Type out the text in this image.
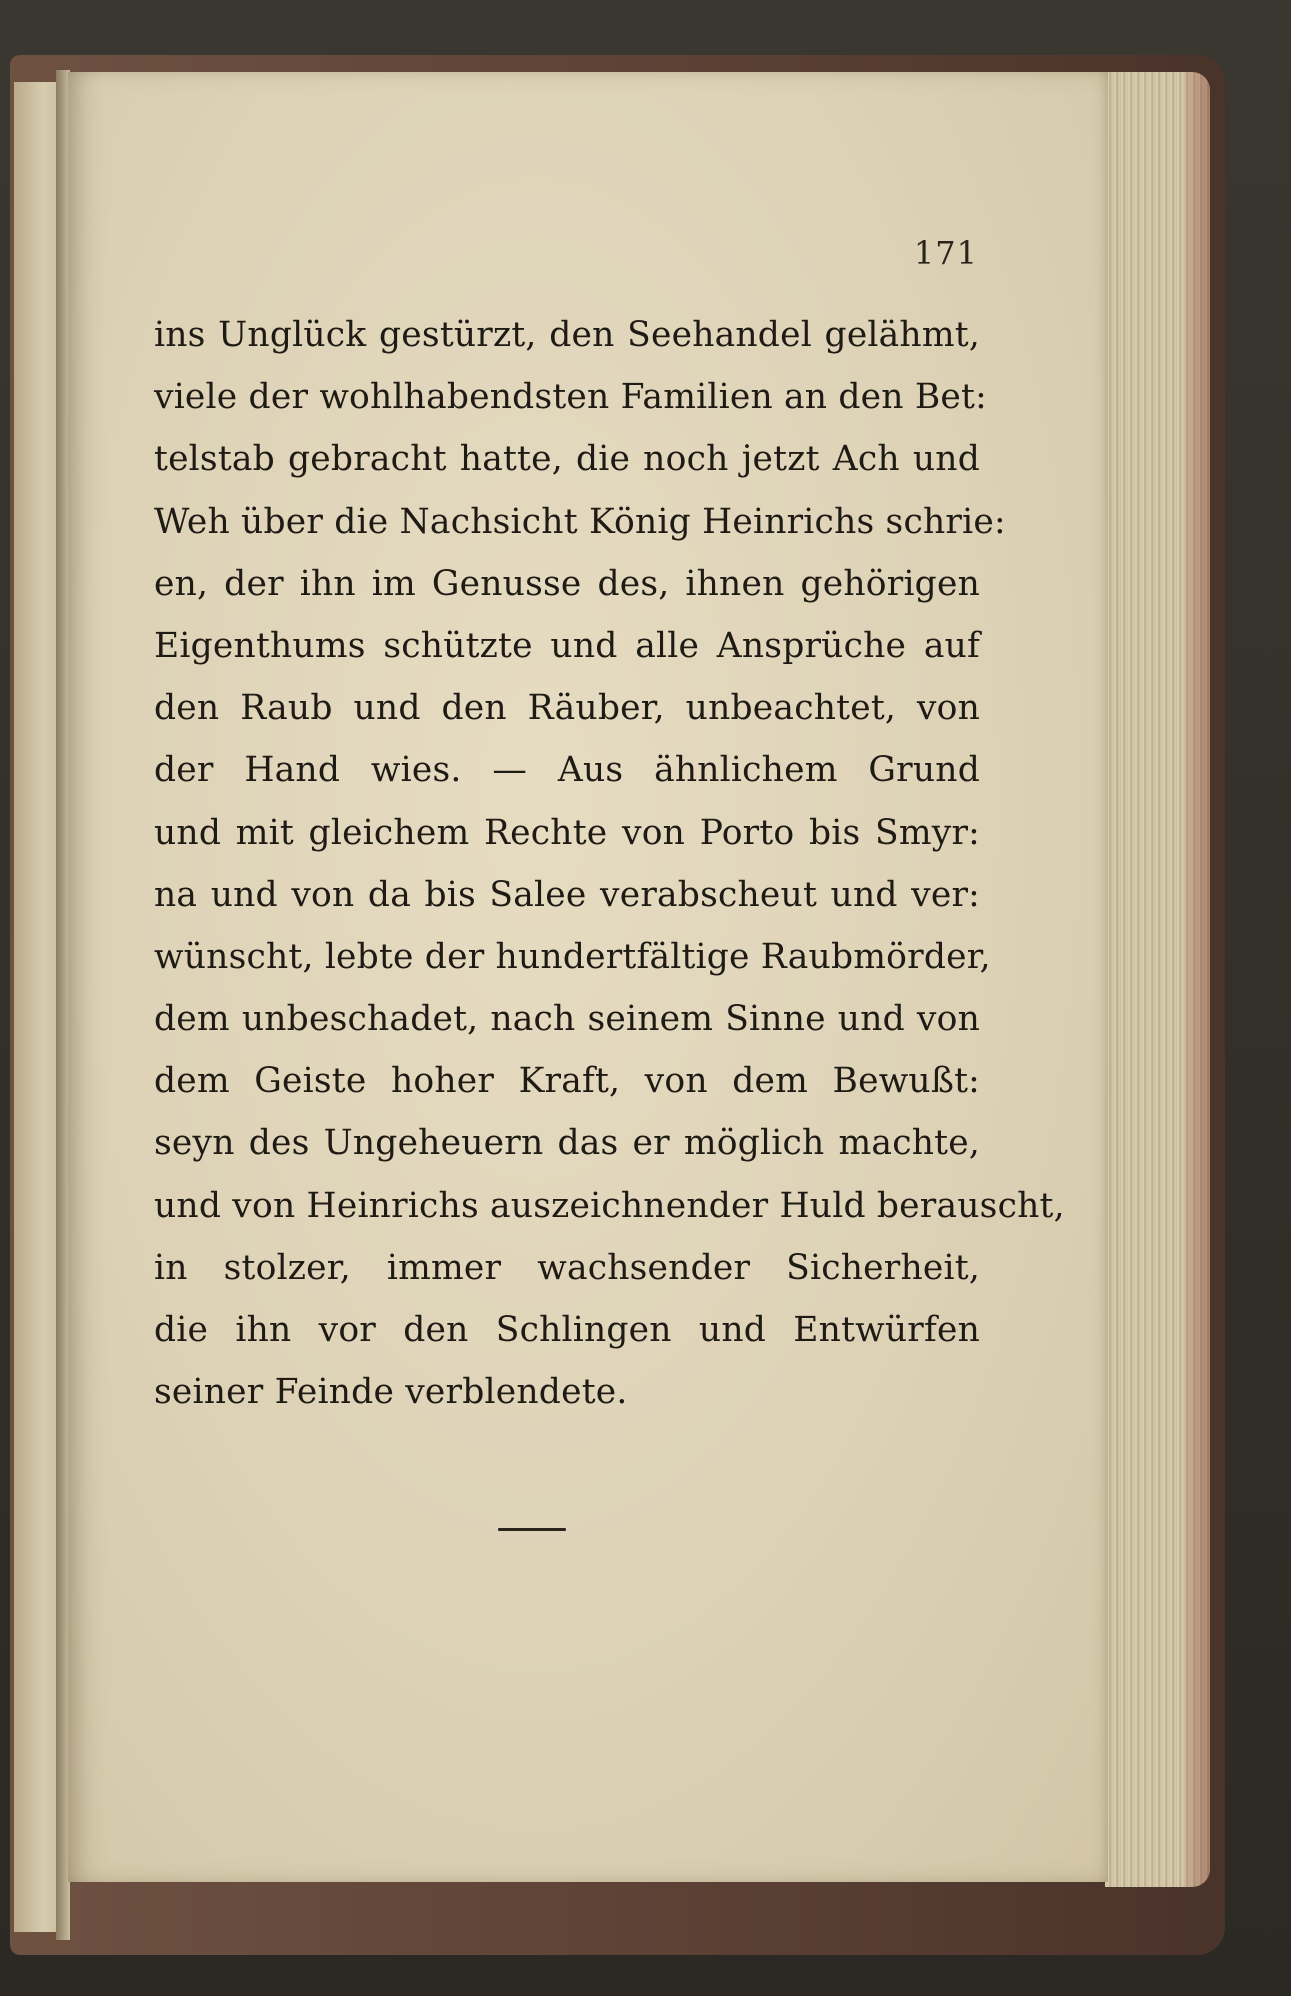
171
ins Unglück gestürzt, den Seehandel gelähmt,
viele der wohlhabendsten Familien an den Bet:
telstab gebracht hatte, die noch jetzt Ach und
Weh über die Nachsicht König Heinrichs schrie:
en, der ihn im Genusse des, ihnen gehörigen
Eigenthums schützte und alle Ansprüche auf
den Raub und den Räuber, unbeachtet, von
der Hand wies. — Aus ähnlichem Grund
und mit gleichem Rechte von Porto bis Smyr:
na und von da bis Salee verabscheut und ver:
wünscht, lebte der hundertfältige Raubmörder,
dem unbeschadet, nach seinem Sinne und von
dem Geiste hoher Kraft, von dem Bewußt:
seyn des Ungeheuern das er möglich machte,
und von Heinrichs auszeichnender Huld berauscht,
in stolzer, immer wachsender Sicherheit,
die ihn vor den Schlingen und Entwürfen
seiner Feinde verblendete.
